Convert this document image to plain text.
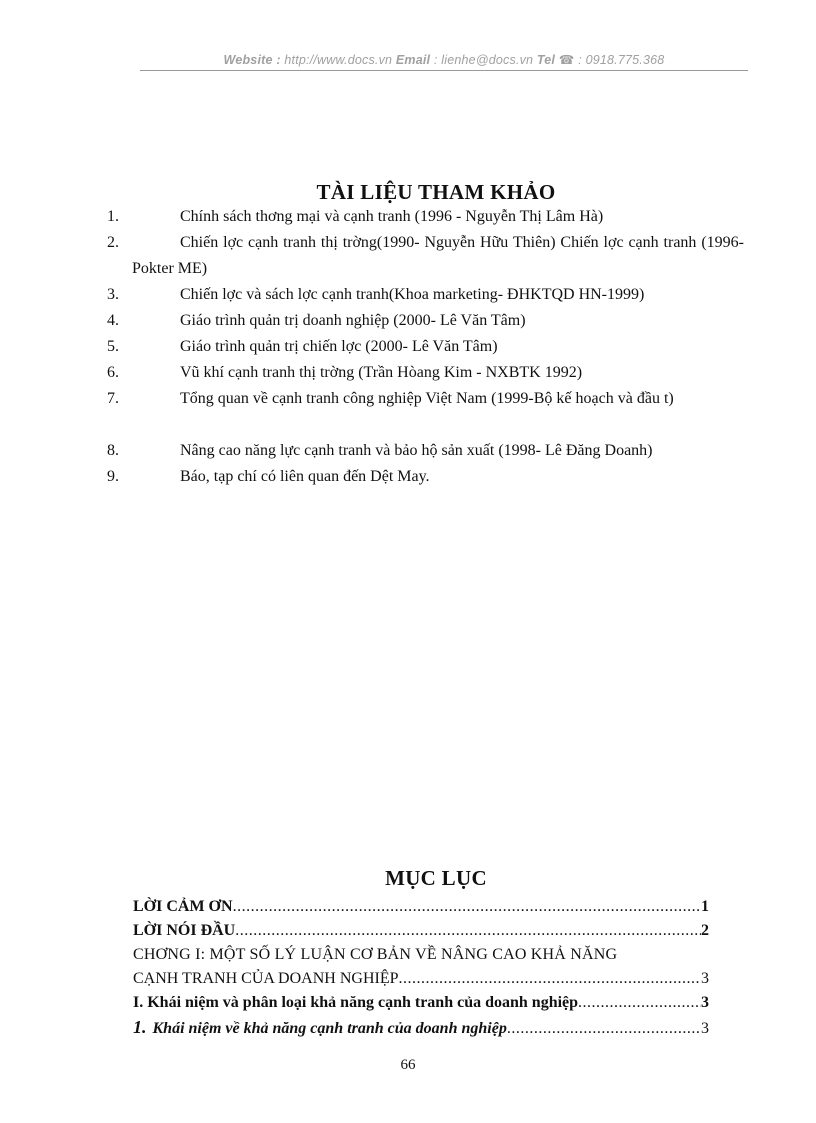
Website : http://www.docs.vn Email : lienhe@docs.vn Tel ☎ : 0918.775.368
TÀI LIỆU THAM KHẢO
1.	Chính sách thơng mại và cạnh tranh (1996 - Nguyễn Thị Lâm Hà)
2.	Chiến lợc cạnh tranh thị trờng(1990- Nguyễn Hữu Thiên) Chiến lợc cạnh tranh (1996-Pokter ME)
3.	Chiến lợc và sách lợc cạnh tranh(Khoa marketing- ĐHKTQD HN-1999)
4.	Giáo trình quản trị doanh nghiệp (2000- Lê Văn Tâm)
5.	Giáo trình quản trị chiến lợc (2000- Lê Văn Tâm)
6.	Vũ khí cạnh tranh thị trờng (Trần Hòang Kim - NXBTK 1992)
7.	Tổng quan về cạnh tranh công nghiệp Việt Nam (1999-Bộ kế hoạch và đầu t)
8.	Nâng cao năng lực cạnh tranh và bảo hộ sản xuất (1998- Lê Đăng Doanh)
9.	Báo, tạp chí có liên quan đến Dệt May.
MỤC LỤC
LỜI CẢM ƠN .....	1
LỜI NÓI ĐẦU .....	2
CHƠNG I: MỘT SỐ LÝ LUẬN CƠ BẢN VỀ NÂNG CAO KHẢ NĂNG
CẠNH TRANH CỦA DOANH NGHIỆP .....	3
I. Khái niệm và phân loại khả năng cạnh tranh của doanh nghiệp .....	3
1. Khái niệm về khả năng cạnh tranh của doanh nghiệp .....	3
66
